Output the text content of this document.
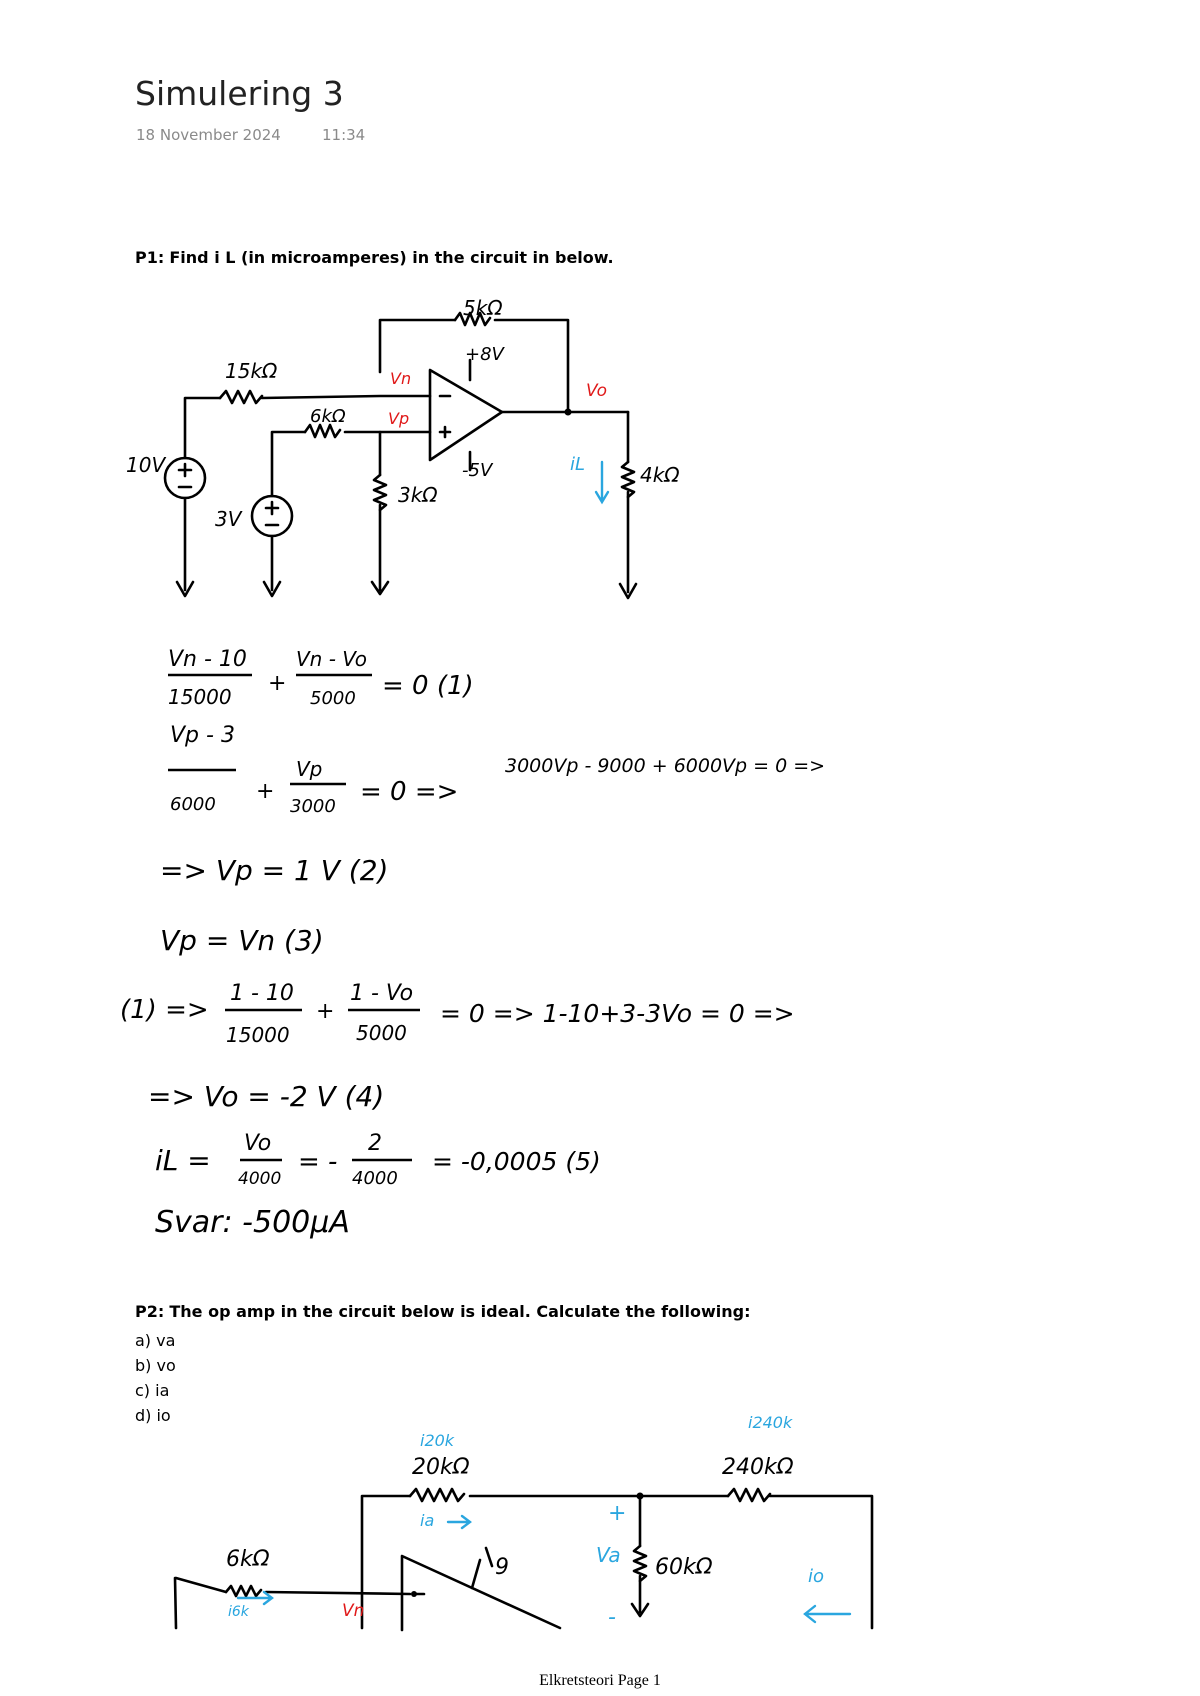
Simulering 3
18 November 2024	11:34
P1: Find i L (in microamperes) in the circuit in below.
P2: The op amp in the circuit below is ideal. Calculate the following:
a) va
b) vo
c) ia
d) io
5kΩ
+8V
15kΩ
6kΩ
3kΩ
-5V	4kΩ
10V
3V
Vn
Vp
Vo
iL
Vn - 10
15000
+
Vn - Vo
5000 = 0 (1)
Vp - 3
6000
+
Vp
3000 = 0 =>
3000Vp - 9000 + 6000Vp = 0 =>
=> Vp = 1 V (2)
Vp = Vn (3)
(1) =>
1 - 10
15000
+
1 - Vo
5000
= 0 => 1-10+3-3Vo = 0 =>
=> Vo = -2 V (4)
iL =
Vo
4000
= -
2
4000
= -0,0005 (5)
Svar: -500μA
20kΩ	240kΩ
60kΩ
6kΩ	9
i20k
i240k
ia
i6k
io
Va
+
-
Vn
Elkretsteori Page 1
